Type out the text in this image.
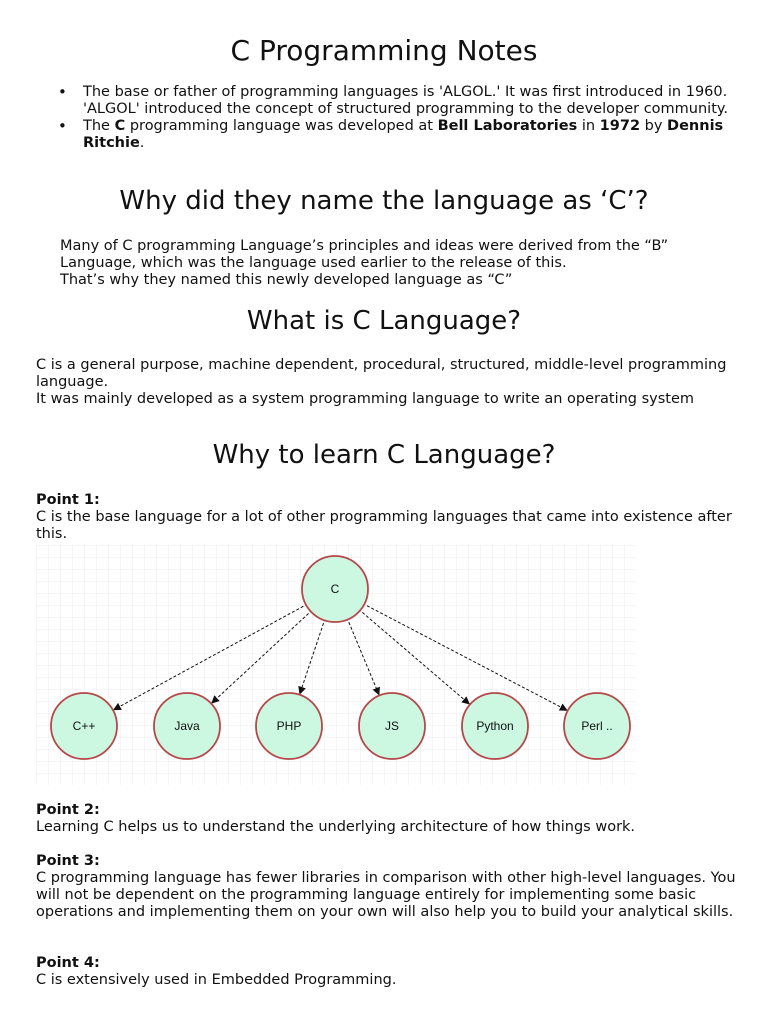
C Programming Notes
• The base or father of programming languages is 'ALGOL.' It was first introduced in 1960. 'ALGOL' introduced the concept of structured programming to the developer community.
• The C programming language was developed at Bell Laboratories in 1972 by Dennis Ritchie.
Why did they name the language as ‘C’?
Many of C programming Language’s principles and ideas were derived from the “B” Language, which was the language used earlier to the release of this.
That’s why they named this newly developed language as “C”
What is C Language?
C is a general purpose, machine dependent, procedural, structured, middle-level programming language.
It was mainly developed as a system programming language to write an operating system
Why to learn C Language?
Point 1:
C is the base language for a lot of other programming languages that came into existence after this.
C
C++	Java	PHP	JS	Python	Perl ..
Point 2:
Learning C helps us to understand the underlying architecture of how things work.
Point 3:
C programming language has fewer libraries in comparison with other high-level languages. You will not be dependent on the programming language entirely for implementing some basic operations and implementing them on your own will also help you to build your analytical skills.
Point 4:
C is extensively used in Embedded Programming.
